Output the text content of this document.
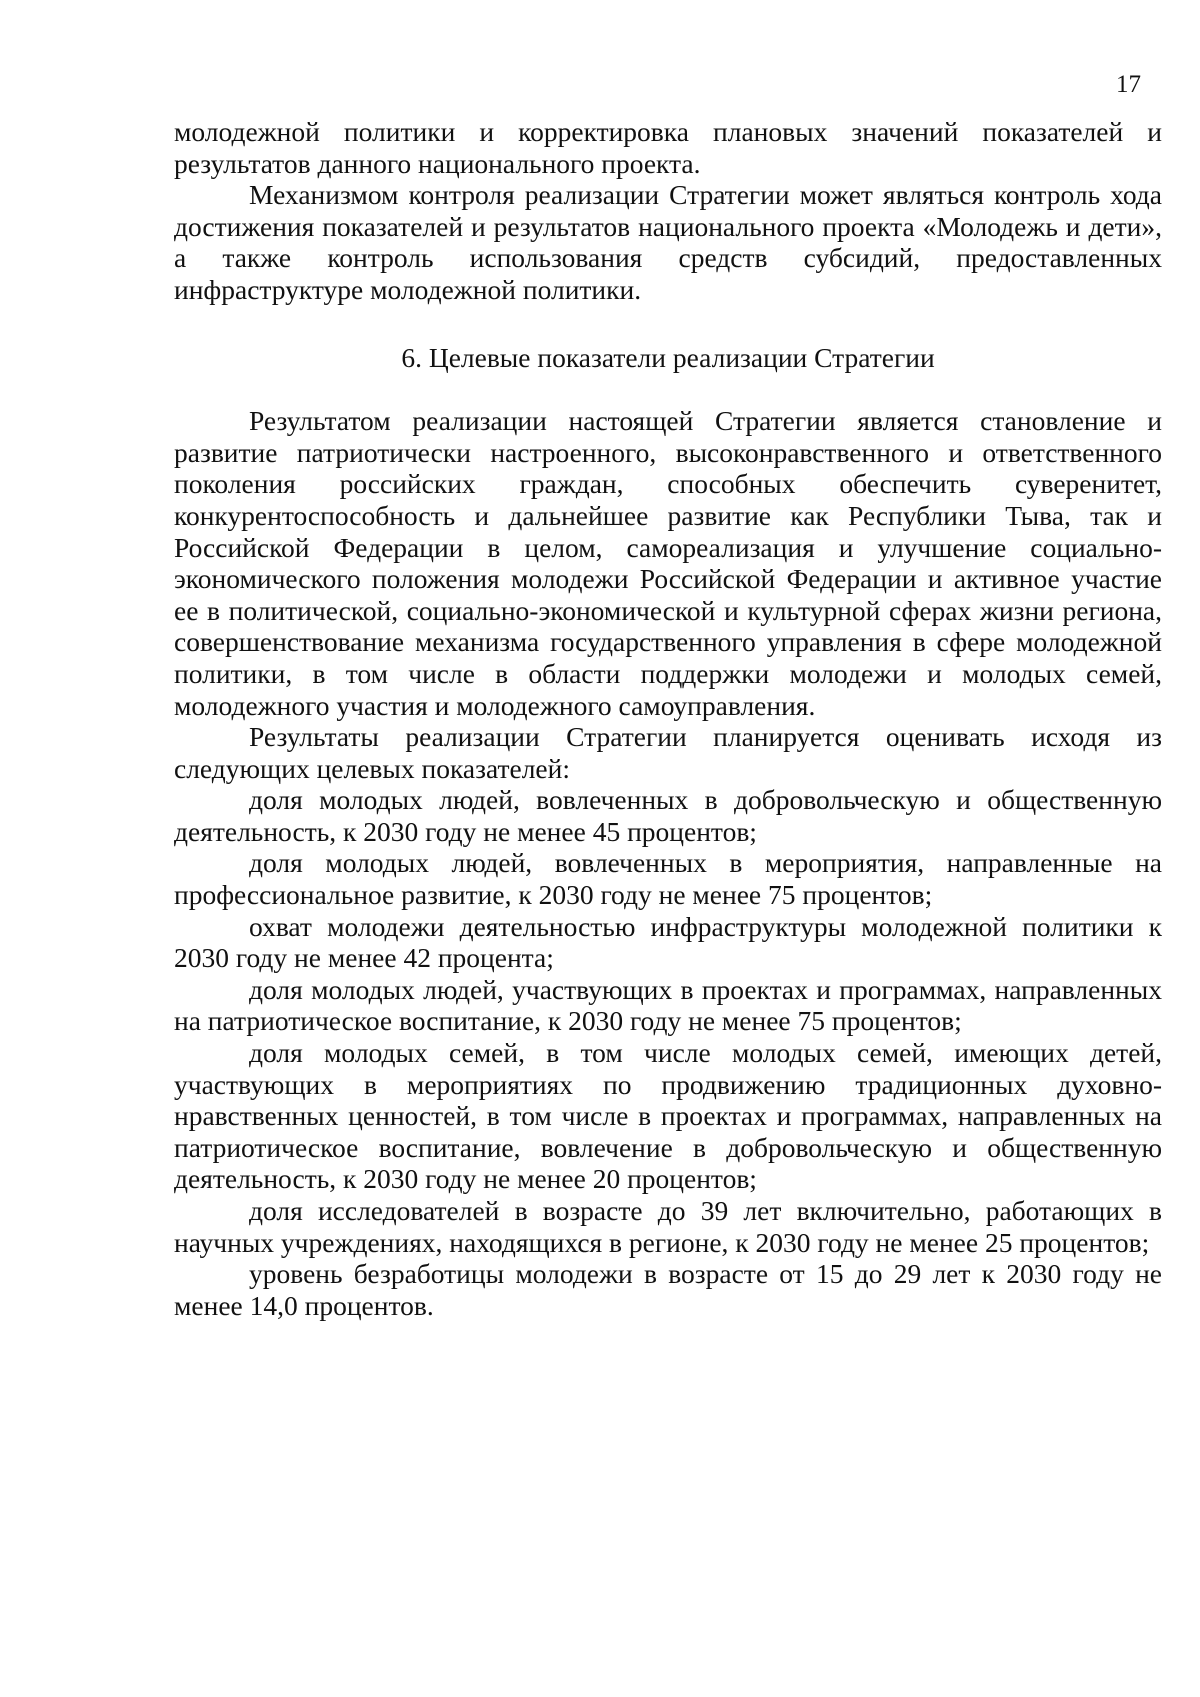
17

молодежной политики и корректировка плановых значений показателей и результатов данного национального проекта.

Механизмом контроля реализации Стратегии может являться контроль хода достижения показателей и результатов национального проекта «Молодежь и дети», а также контроль использования средств субсидий, предоставленных инфраструктуре молодежной политики.

6. Целевые показатели реализации Стратегии

Результатом реализации настоящей Стратегии является становление и развитие патриотически настроенного, высоконравственного и ответственного поколения российских граждан, способных обеспечить суверенитет, конкурентоспособность и дальнейшее развитие как Республики Тыва, так и Российской Федерации в целом, самореализация и улучшение социально-экономического положения молодежи Российской Федерации и активное участие ее в политической, социально-экономической и культурной сферах жизни региона, совершенствование механизма государственного управления в сфере молодежной политики, в том числе в области поддержки молодежи и молодых семей, молодежного участия и молодежного самоуправления.

Результаты реализации Стратегии планируется оценивать исходя из следующих целевых показателей:

доля молодых людей, вовлеченных в добровольческую и общественную деятельность, к 2030 году не менее 45 процентов;

доля молодых людей, вовлеченных в мероприятия, направленные на профессиональное развитие, к 2030 году не менее 75 процентов;

охват молодежи деятельностью инфраструктуры молодежной политики к 2030 году не менее 42 процента;

доля молодых людей, участвующих в проектах и программах, направленных на патриотическое воспитание, к 2030 году не менее 75 процентов;

доля молодых семей, в том числе молодых семей, имеющих детей, участвующих в мероприятиях по продвижению традиционных духовно-нравственных ценностей, в том числе в проектах и программах, направленных на патриотическое воспитание, вовлечение в добровольческую и общественную деятельность, к 2030 году не менее 20 процентов;

доля исследователей в возрасте до 39 лет включительно, работающих в научных учреждениях, находящихся в регионе, к 2030 году не менее 25 процентов;

уровень безработицы молодежи в возрасте от 15 до 29 лет к 2030 году не менее 14,0 процентов.
